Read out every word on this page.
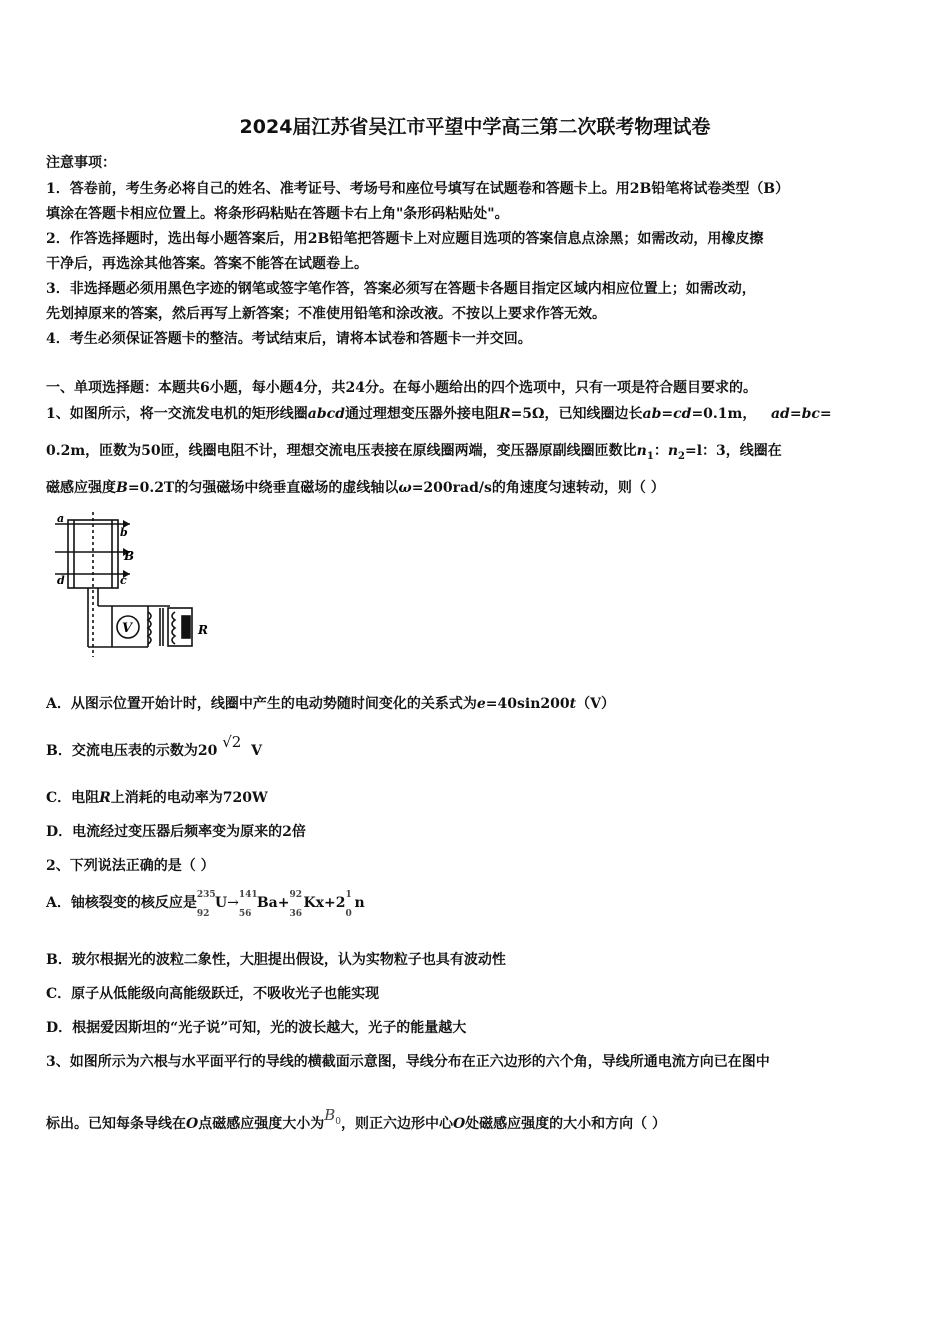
2024届江苏省吴江市平望中学高三第二次联考物理试卷
注意事项：
1．答卷前，考生务必将自己的姓名、准考证号、考场号和座位号填写在试题卷和答题卡上。用2B铅笔将试卷类型（B）
填涂在答题卡相应位置上。将条形码粘贴在答题卡右上角"条形码粘贴处"。
2．作答选择题时，选出每小题答案后，用2B铅笔把答题卡上对应题目选项的答案信息点涂黑；如需改动，用橡皮擦
干净后，再选涂其他答案。答案不能答在试题卷上。
3．非选择题必须用黑色字迹的钢笔或签字笔作答，答案必须写在答题卡各题目指定区域内相应位置上；如需改动，
先划掉原来的答案，然后再写上新答案；不准使用铅笔和涂改液。不按以上要求作答无效。
4．考生必须保证答题卡的整洁。考试结束后，请将本试卷和答题卡一并交回。
一、单项选择题：本题共6小题，每小题4分，共24分。在每小题给出的四个选项中，只有一项是符合题目要求的。
1、如图所示，将一交流发电机的矩形线圈abcd通过理想变压器外接电阻R=5Ω，已知线圈边长ab=cd=0.1m， ad=bc=
0.2m，匝数为50匝，线圈电阻不计，理想交流电压表接在原线圈两端，变压器原副线圈匝数比$n_1$：$n_2=l$：3，线圈在
磁感应强度B=0.2T的匀强磁场中绕垂直磁场的虚线轴以ω=200rad/s的角速度匀速转动，则（ ）
V
a
b
B
d	c
R
A．从图示位置开始计时，线圈中产生的电动势随时间变化的关系式为e=40sin200t（V）
B．交流电压表的示数为20 √2 V
C．电阻R上消耗的电动率为720W
D．电流经过变压器后频率变为原来的2倍
2、下列说法正确的是（ ）
A．铀核裂变的核反应是 235
92
U→ 141
56
Ba+ 92
36
Kx+2 1
0
n
B．玻尔根据光的波粒二象性，大胆提出假设，认为实物粒子也具有波动性
C．原子从低能级向高能级跃迁，不吸收光子也能实现
D．根据爱因斯坦的“光子说”可知，光的波长越大，光子的能量越大
3、如图所示为六根与水平面平行的导线的横截面示意图，导线分布在正六边形的六个角，导线所通电流方向已在图中
标出。已知每条导线在O点磁感应强度大小为$B^0$，则正六边形中心O处磁感应强度的大小和方向（ ）
